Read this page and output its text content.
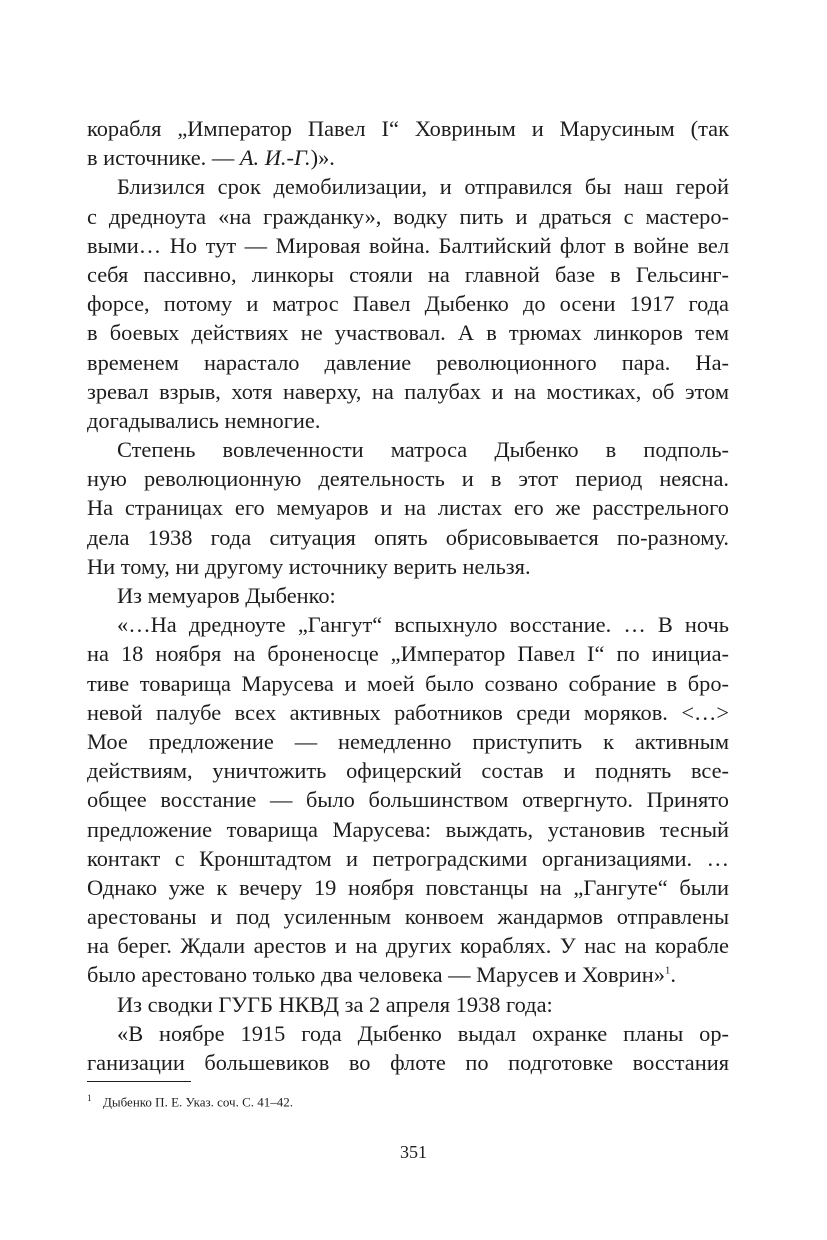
корабля „Император Павел I“ Ховриным и Марусиным (так
в источнике. — А. И.-Г.)».
Близился срок демобилизации, и отправился бы наш герой
с дредноута «на гражданку», водку пить и драться с мастеро-
выми… Но тут — Мировая война. Балтийский флот в войне вел
себя пассивно, линкоры стояли на главной базе в Гельсинг-
форсе, потому и матрос Павел Дыбенко до осени 1917 года
в боевых действиях не участвовал. А в трюмах линкоров тем
временем нарастало давление революционного пара. На-
зревал взрыв, хотя наверху, на палубах и на мостиках, об этом
догадывались немногие.
Степень вовлеченности матроса Дыбенко в подполь-
ную революционную деятельность и в этот период неясна.
На страницах его мемуаров и на листах его же расстрельного
дела 1938 года ситуация опять обрисовывается по-разному.
Ни тому, ни другому источнику верить нельзя.
Из мемуаров Дыбенко:
«…На дредноуте „Гангут“ вспыхнуло восстание. … В ночь
на 18 ноября на броненосце „Император Павел I“ по инициа-
тиве товарища Марусева и моей было созвано собрание в бро-
невой палубе всех активных работников среди моряков. <…>
Мое предложение — немедленно приступить к активным
действиям, уничтожить офицерский состав и поднять все-
общее восстание — было большинством отвергнуто. Принято
предложение товарища Марусева: выждать, установив тесный
контакт с Кронштадтом и петроградскими организациями. …
Однако уже к вечеру 19 ноября повстанцы на „Гангуте“ были
арестованы и под усиленным конвоем жандармов отправлены
на берег. Ждали арестов и на других кораблях. У нас на корабле
было арестовано только два человека — Марусев и Ховрин»$^1$.
Из сводки ГУГБ НКВД за 2 апреля 1938 года:
«В ноябре 1915 года Дыбенко выдал охранке планы ор-
ганизации большевиков во флоте по подготовке восстания
1 Дыбенко П. Е. Указ. соч. С. 41–42.
351
